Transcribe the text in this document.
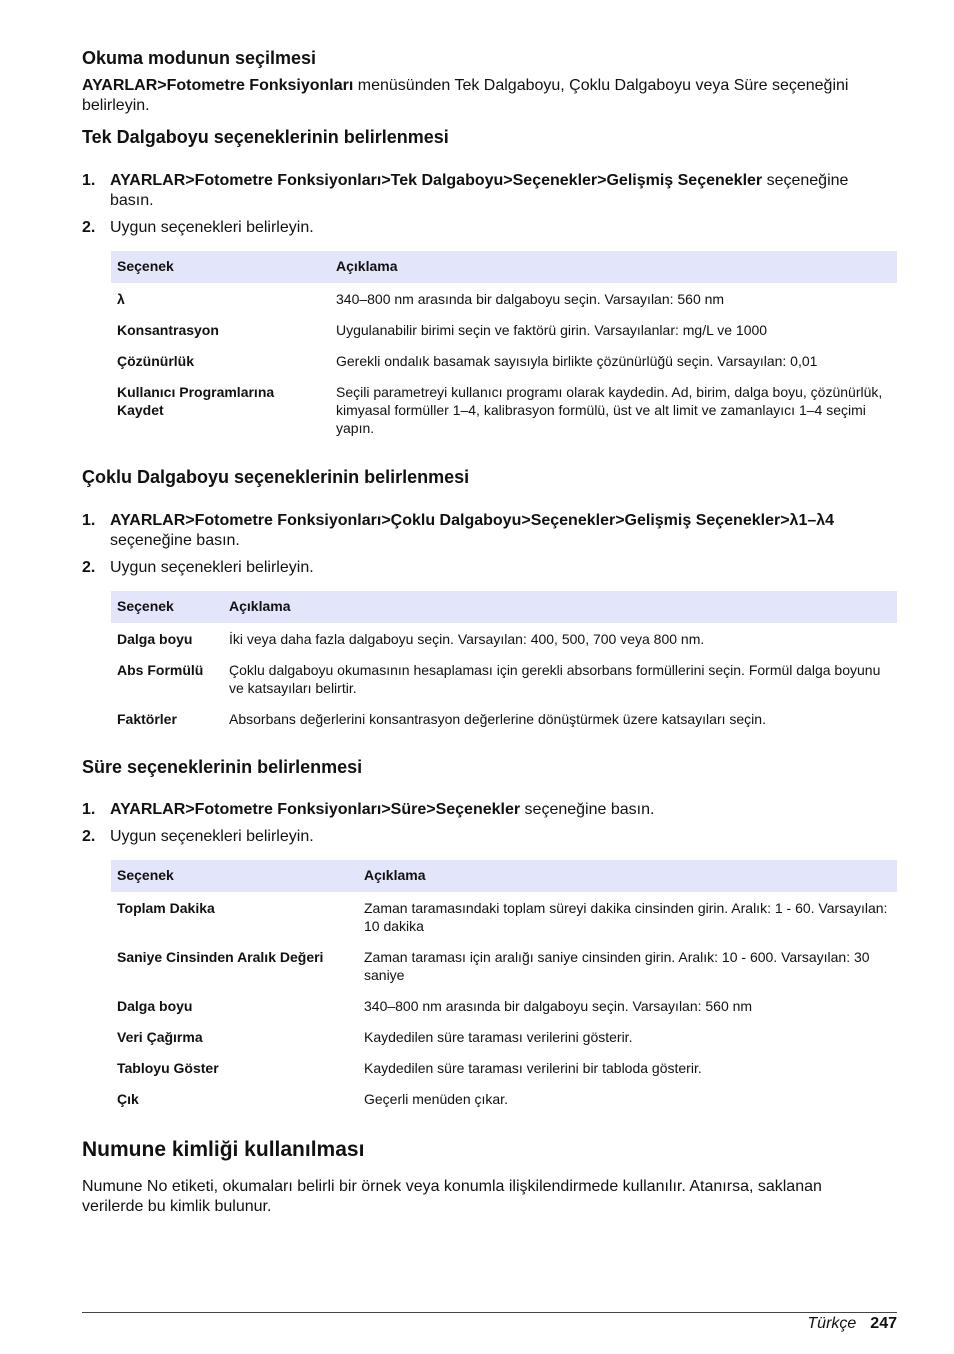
Okuma modunun seçilmesi

AYARLAR>Fotometre Fonksiyonları menüsünden Tek Dalgaboyu, Çoklu Dalgaboyu veya Süre seçeneğini belirleyin.

Tek Dalgaboyu seçeneklerinin belirlenmesi
1. AYARLAR>Fotometre Fonksiyonları>Tek Dalgaboyu>Seçenekler>Gelişmiş Seçenekler seçeneğine basın.
2. Uygun seçenekleri belirleyin.
Seçenek	Açıklama
λ	340–800 nm arasında bir dalgaboyu seçin. Varsayılan: 560 nm
Konsantrasyon	Uygulanabilir birimi seçin ve faktörü girin. Varsayılanlar: mg/L ve 1000
Çözünürlük	Gerekli ondalık basamak sayısıyla birlikte çözünürlüğü seçin. Varsayılan: 0,01
Kullanıcı Programlarına Kaydet	Seçili parametreyi kullanıcı programı olarak kaydedin. Ad, birim, dalga boyu, çözünürlük, kimyasal formüller 1–4, kalibrasyon formülü, üst ve alt limit ve zamanlayıcı 1–4 seçimi yapın.
Çoklu Dalgaboyu seçeneklerinin belirlenmesi
1. AYARLAR>Fotometre Fonksiyonları>Çoklu Dalgaboyu>Seçenekler>Gelişmiş Seçenekler>λ1–λ4 seçeneğine basın.
2. Uygun seçenekleri belirleyin.
Seçenek	Açıklama
Dalga boyu	İki veya daha fazla dalgaboyu seçin. Varsayılan: 400, 500, 700 veya 800 nm.
Abs Formülü	Çoklu dalgaboyu okumasının hesaplaması için gerekli absorbans formüllerini seçin. Formül dalga boyunu ve katsayıları belirtir.
Faktörler	Absorbans değerlerini konsantrasyon değerlerine dönüştürmek üzere katsayıları seçin.
Süre seçeneklerinin belirlenmesi
1. AYARLAR>Fotometre Fonksiyonları>Süre>Seçenekler seçeneğine basın.
2. Uygun seçenekleri belirleyin.
Seçenek	Açıklama
Toplam Dakika	Zaman taramasındaki toplam süreyi dakika cinsinden girin. Aralık: 1 - 60. Varsayılan: 10 dakika
Saniye Cinsinden Aralık Değeri	Zaman taraması için aralığı saniye cinsinden girin. Aralık: 10 - 600. Varsayılan: 30 saniye
Dalga boyu	340–800 nm arasında bir dalgaboyu seçin. Varsayılan: 560 nm
Veri Çağırma	Kaydedilen süre taraması verilerini gösterir.
Tabloyu Göster	Kaydedilen süre taraması verilerini bir tabloda gösterir.
Çık	Geçerli menüden çıkar.
Numune kimliği kullanılması

Numune No etiketi, okumaları belirli bir örnek veya konumla ilişkilendirmede kullanılır. Atanırsa, saklanan verilerde bu kimlik bulunur.

Türkçe 247
